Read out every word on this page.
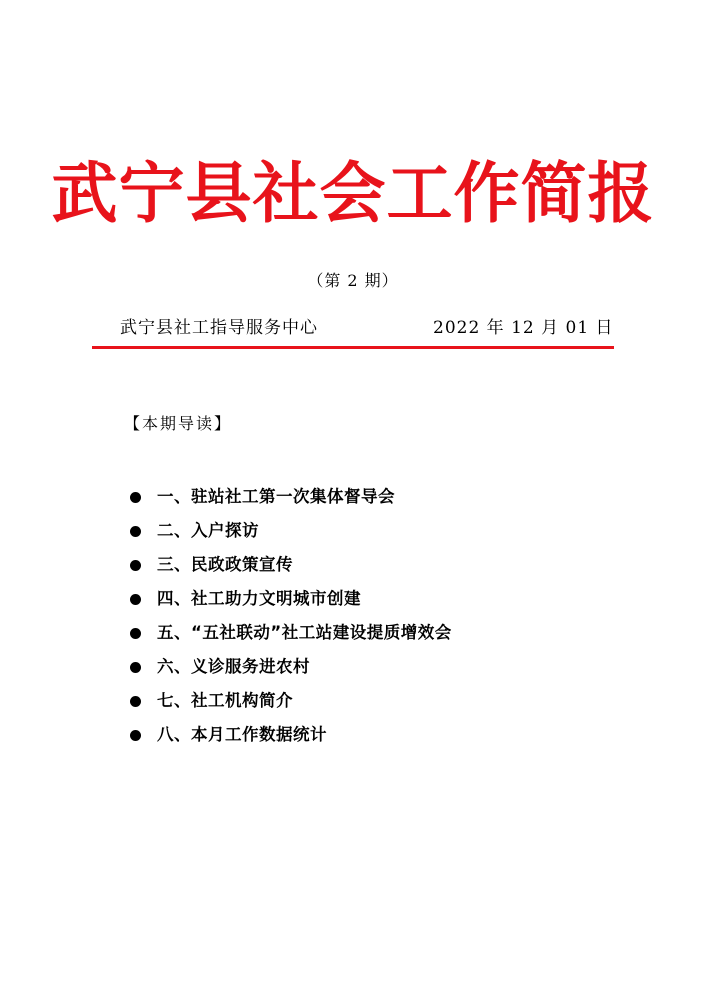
武宁县社会工作简报
（第 2 期）
武宁县社工指导服务中心	2022 年 12 月 01 日
【本期导读】
一、驻站社工第一次集体督导会
二、入户探访
三、民政政策宣传
四、社工助力文明城市创建
五、“五社联动”社工站建设提质增效会
六、义诊服务进农村
七、社工机构简介
八、本月工作数据统计
